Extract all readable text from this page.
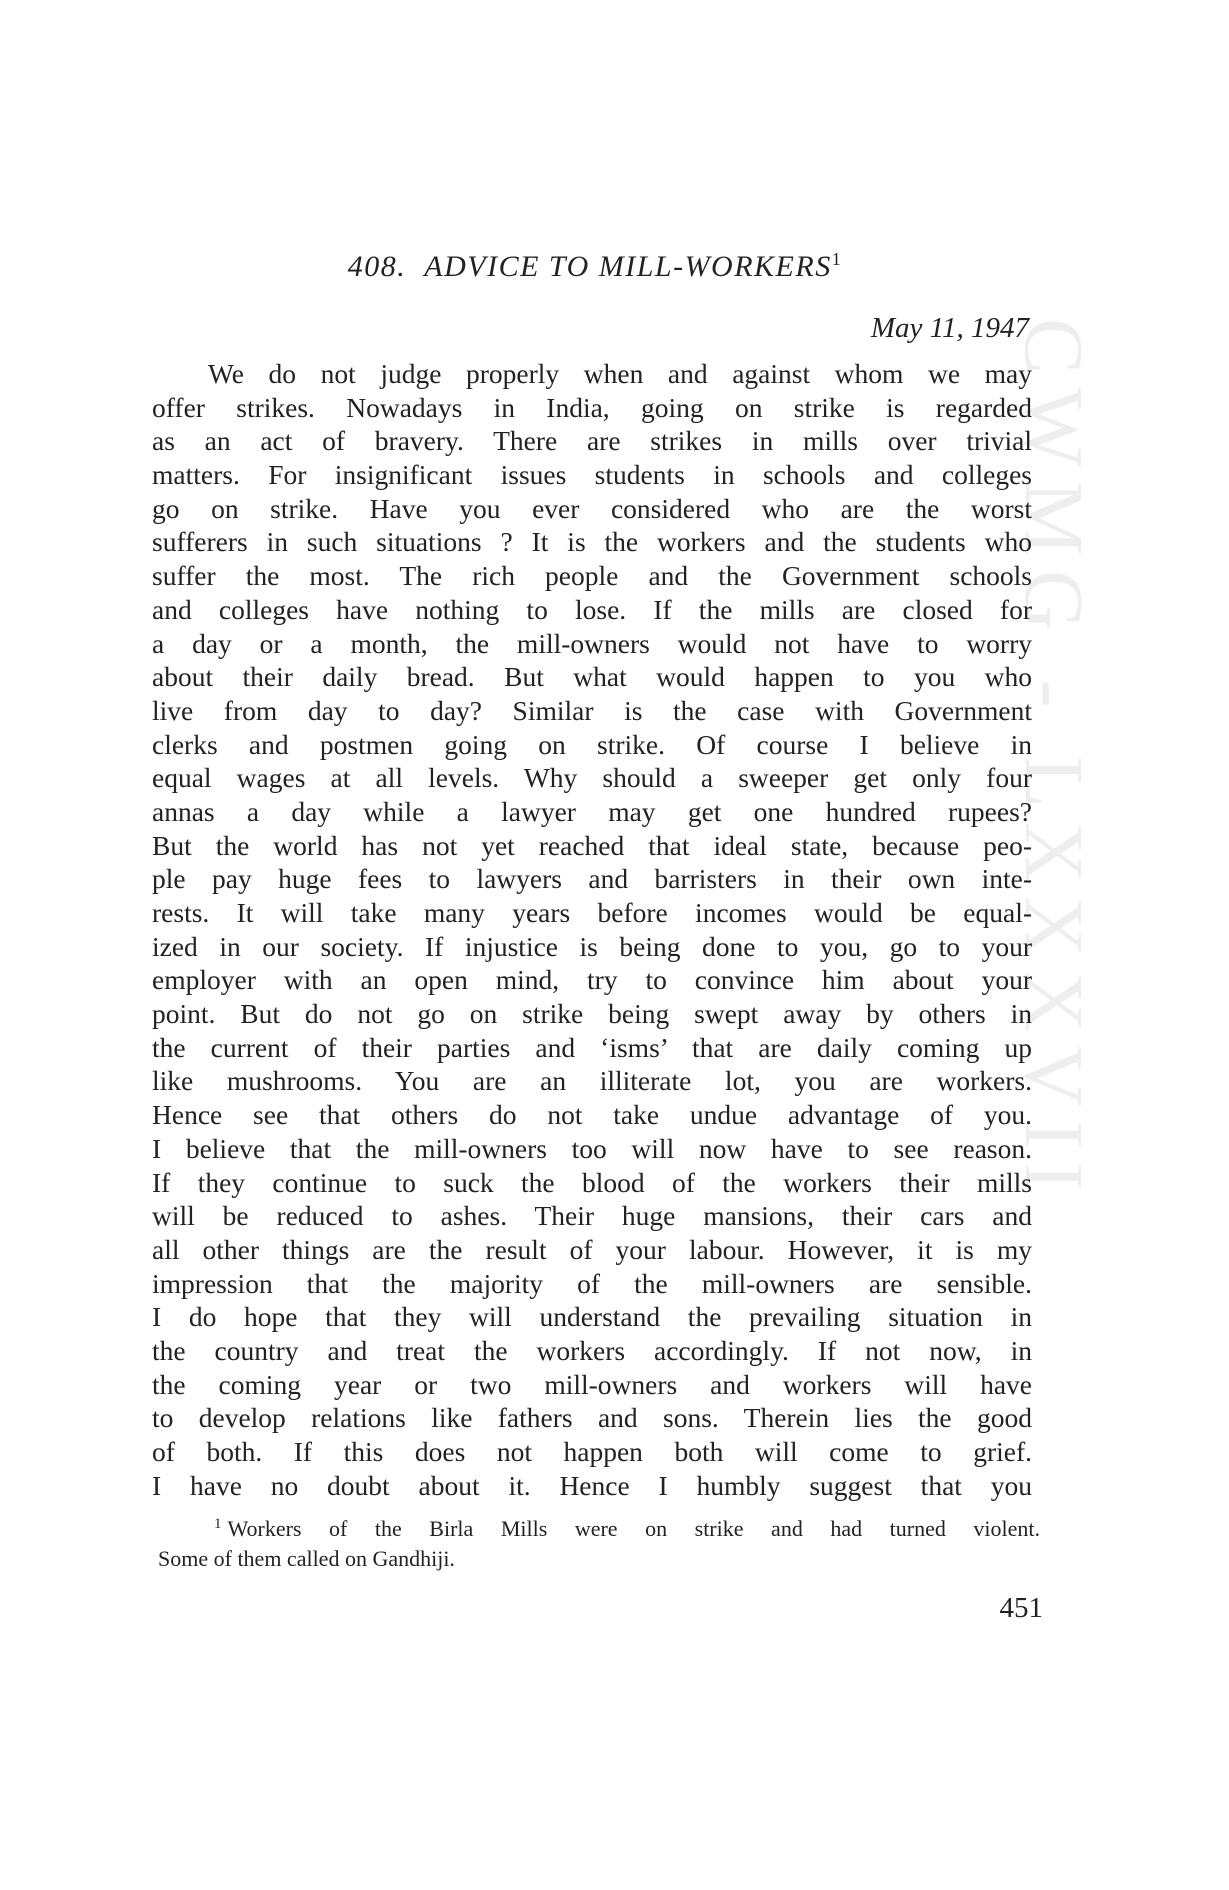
CWMG - LXXXVII
408. ADVICE TO MILL-WORKERS$^1$
May 11, 1947
We do not judge properly when and against whom we may
offer strikes. Nowadays in India, going on strike is regarded
as an act of bravery. There are strikes in mills over trivial
matters. For insignificant issues students in schools and colleges
go on strike. Have you ever considered who are the worst
sufferers in such situations ? It is the workers and the students who
suffer the most. The rich people and the Government schools
and colleges have nothing to lose. If the mills are closed for
a day or a month, the mill-owners would not have to worry
about their daily bread. But what would happen to you who
live from day to day? Similar is the case with Government
clerks and postmen going on strike. Of course I believe in
equal wages at all levels. Why should a sweeper get only four
annas a day while a lawyer may get one hundred rupees?
But the world has not yet reached that ideal state, because peo-
ple pay huge fees to lawyers and barristers in their own inte-
rests. It will take many years before incomes would be equal-
ized in our society. If injustice is being done to you, go to your
employer with an open mind, try to convince him about your
point. But do not go on strike being swept away by others in
the current of their parties and ‘isms’ that are daily coming up
like mushrooms. You are an illiterate lot, you are workers.
Hence see that others do not take undue advantage of you.
I believe that the mill-owners too will now have to see reason.
If they continue to suck the blood of the workers their mills
will be reduced to ashes. Their huge mansions, their cars and
all other things are the result of your labour. However, it is my
impression that the majority of the mill-owners are sensible.
I do hope that they will understand the prevailing situation in
the country and treat the workers accordingly. If not now, in
the coming year or two mill-owners and workers will have
to develop relations like fathers and sons. Therein lies the good
of both. If this does not happen both will come to grief.
I have no doubt about it. Hence I humbly suggest that you
$^1$ Workers of the Birla Mills were on strike and had turned violent.
Some of them called on Gandhiji.
451
